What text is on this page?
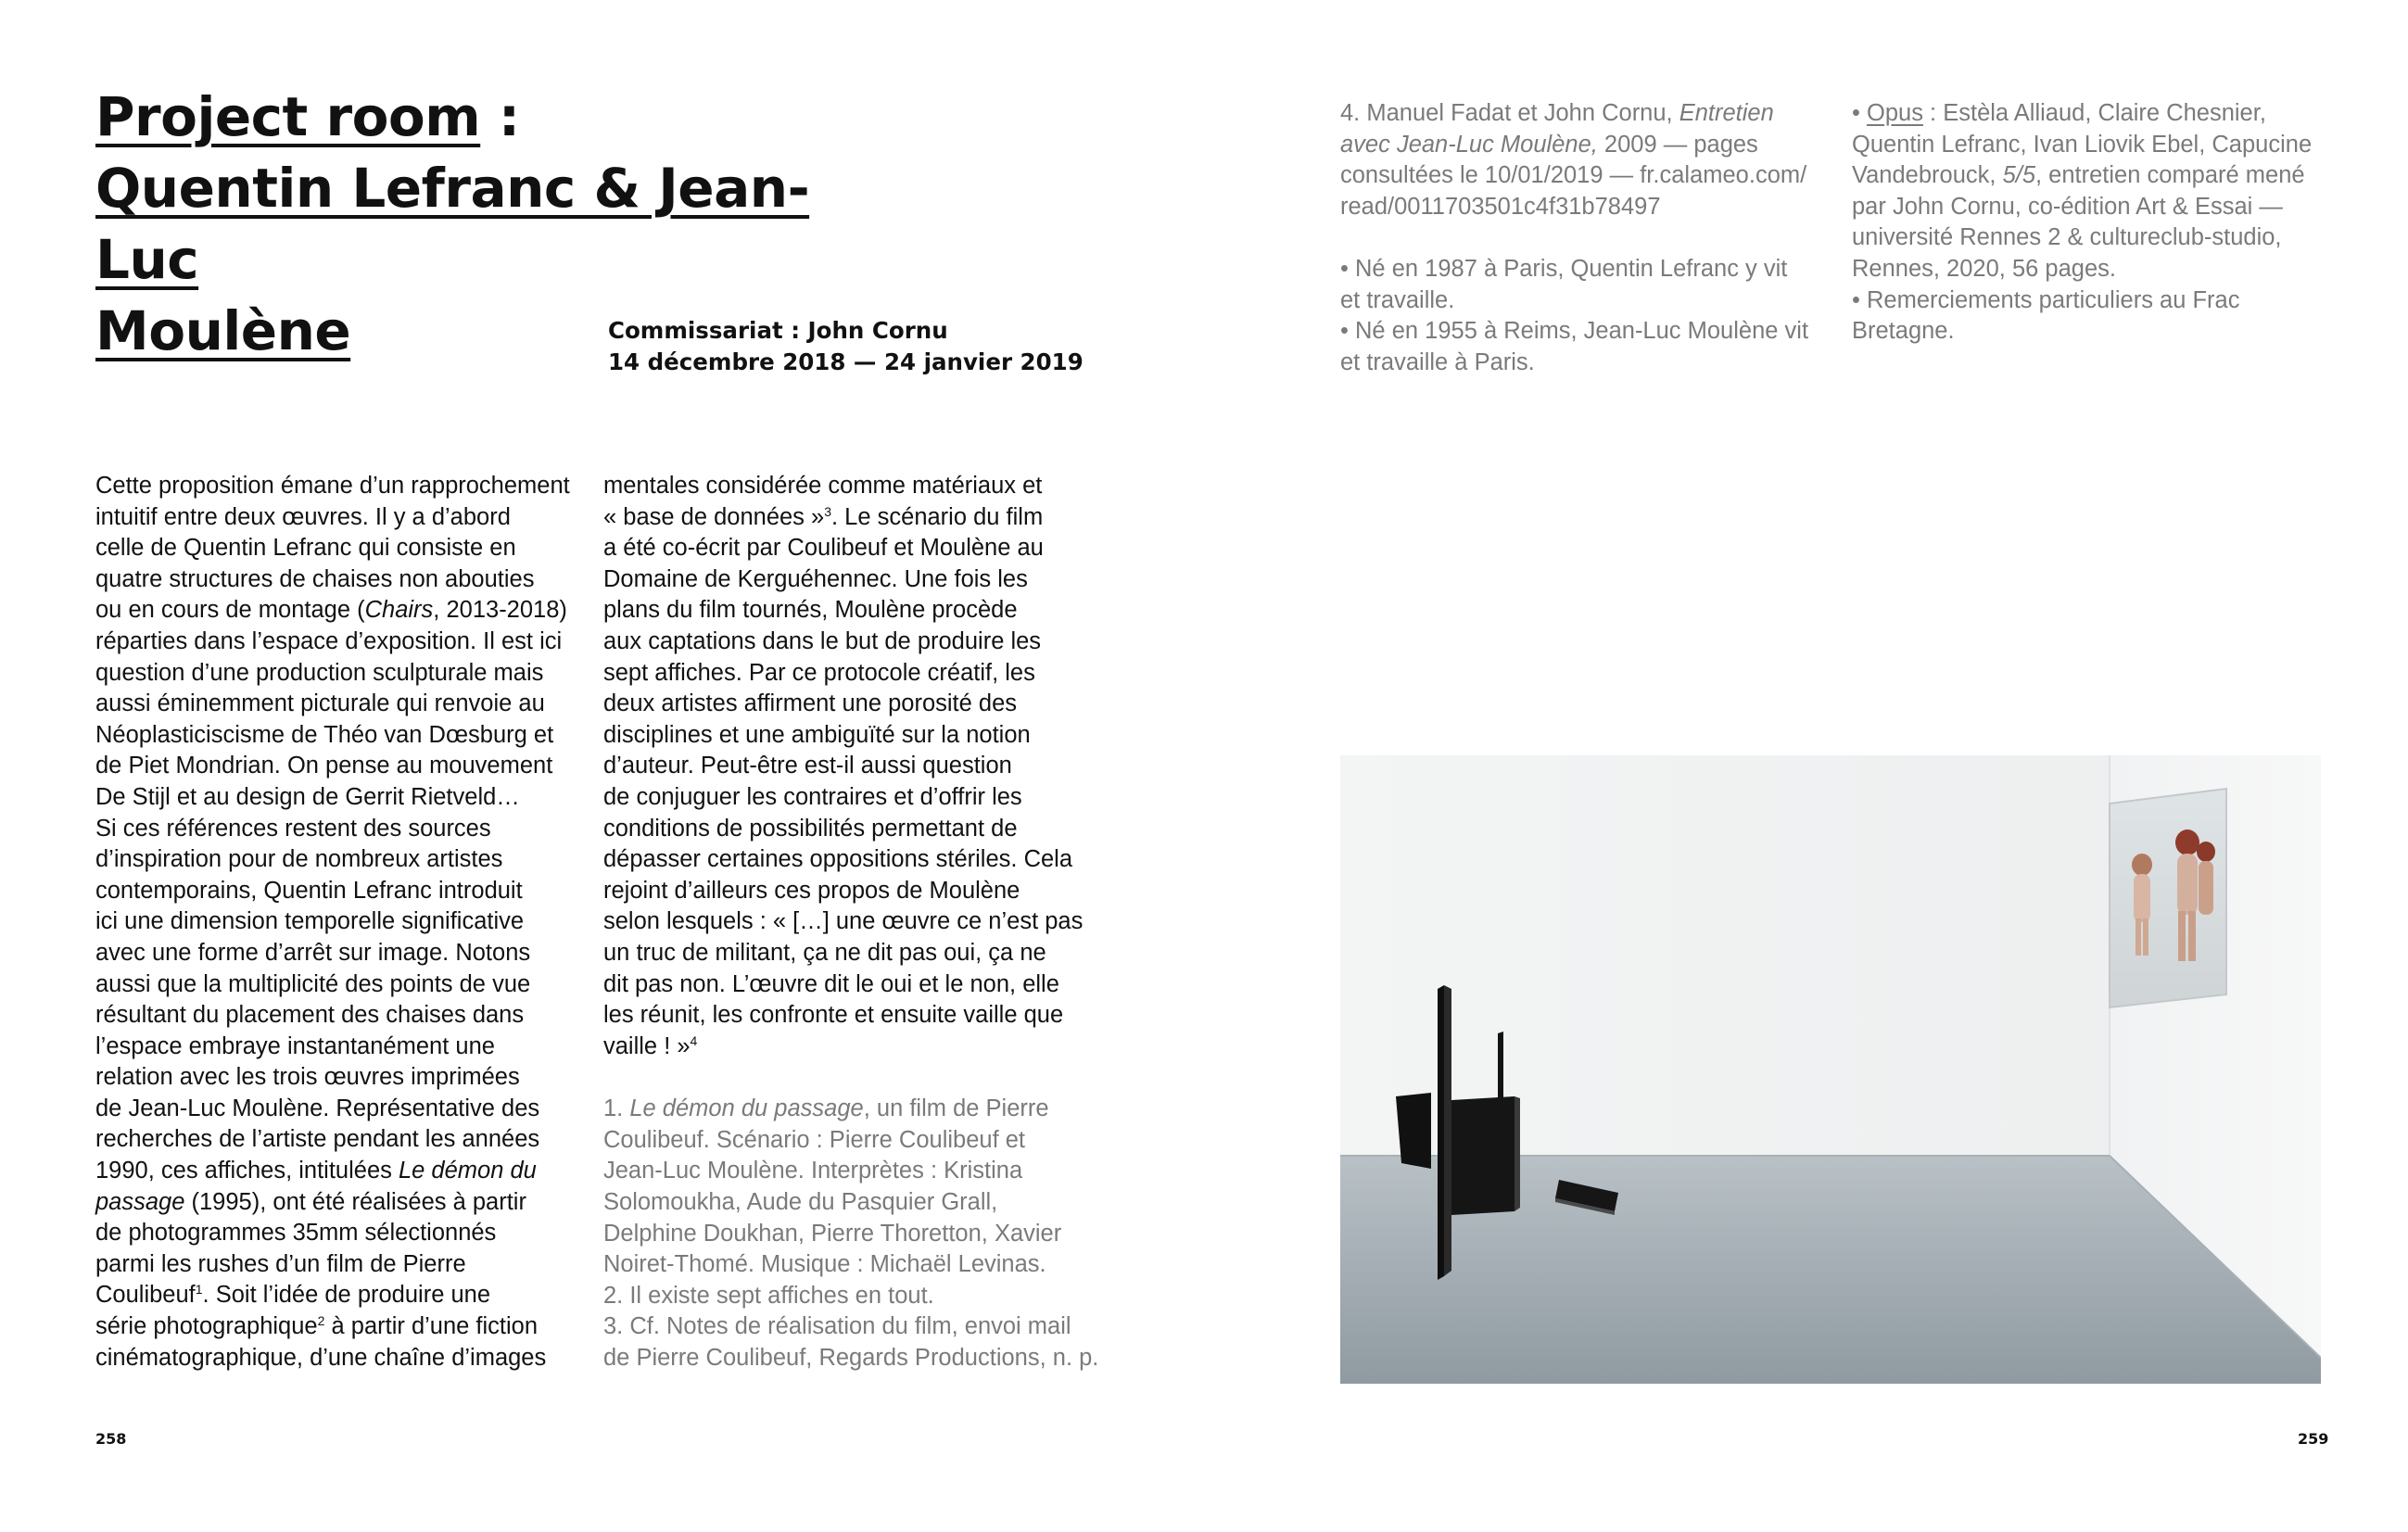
Project room :
Quentin Lefranc & Jean-Luc
Moulène	Commissariat : John Cornu
14 décembre 2018 — 24 janvier 2019
Cette proposition émane d’un rapprochement
intuitif entre deux œuvres. Il y a d’abord
celle de Quentin Lefranc qui consiste en
quatre structures de chaises non abouties
ou en cours de montage (Chairs, 2013-2018)
réparties dans l’espace d’exposition. Il est ici
question d’une production sculpturale mais
aussi éminemment picturale qui renvoie au
Néoplasticiscisme de Théo van Dœsburg et
de Piet Mondrian. On pense au mouvement
De Stijl et au design de Gerrit Rietveld…
Si ces références restent des sources
d’inspiration pour de nombreux artistes
contemporains, Quentin Lefranc introduit
ici une dimension temporelle significative
avec une forme d’arrêt sur image. Notons
aussi que la multiplicité des points de vue
résultant du placement des chaises dans
l’espace embraye instantanément une
relation avec les trois œuvres imprimées
de Jean-Luc Moulène. Représentative des
recherches de l’artiste pendant les années
1990, ces affiches, intitulées Le démon du
passage (1995), ont été réalisées à partir
de photogrammes 35mm sélectionnés
parmi les rushes d’un film de Pierre
Coulibeuf$^1$. Soit l’idée de produire une
série photographique$^2$ à partir d’une fiction
cinématographique, d’une chaîne d’images
mentales considérée comme matériaux et
« base de données »$^3$. Le scénario du film
a été co-écrit par Coulibeuf et Moulène au
Domaine de Kerguéhennec. Une fois les
plans du film tournés, Moulène procède
aux captations dans le but de produire les
sept affiches. Par ce protocole créatif, les
deux artistes affirment une porosité des
disciplines et une ambiguïté sur la notion
d’auteur. Peut-être est-il aussi question
de conjuguer les contraires et d’offrir les
conditions de possibilités permettant de
dépasser certaines oppositions stériles. Cela
rejoint d’ailleurs ces propos de Moulène
selon lesquels : « […] une œuvre ce n’est pas
un truc de militant, ça ne dit pas oui, ça ne
dit pas non. L’œuvre dit le oui et le non, elle
les réunit, les confronte et ensuite vaille que
vaille ! »$^4$
1. Le démon du passage, un film de Pierre
Coulibeuf. Scénario : Pierre Coulibeuf et
Jean-Luc Moulène. Interprètes : Kristina
Solomoukha, Aude du Pasquier Grall,
Delphine Doukhan, Pierre Thoretton, Xavier
Noiret-Thomé. Musique : Michaël Levinas.
2. Il existe sept affiches en tout.
3. Cf. Notes de réalisation du film, envoi mail
de Pierre Coulibeuf, Regards Productions, n. p.
4. Manuel Fadat et John Cornu, Entretien
avec Jean-Luc Moulène, 2009 — pages
consultées le 10/01/2019 — fr.calameo.com/
read/0011703501c4f31b78497
• Né en 1987 à Paris, Quentin Lefranc y vit
et travaille.
• Né en 1955 à Reims, Jean-Luc Moulène vit
et travaille à Paris.
• Opus : Estèla Alliaud, Claire Chesnier,
Quentin Lefranc, Ivan Liovik Ebel, Capucine
Vandebrouck, 5/5, entretien comparé mené
par John Cornu, co-édition Art & Essai —
université Rennes 2 & cultureclub-studio,
Rennes, 2020, 56 pages.
• Remerciements particuliers au Frac
Bretagne.
258	259
